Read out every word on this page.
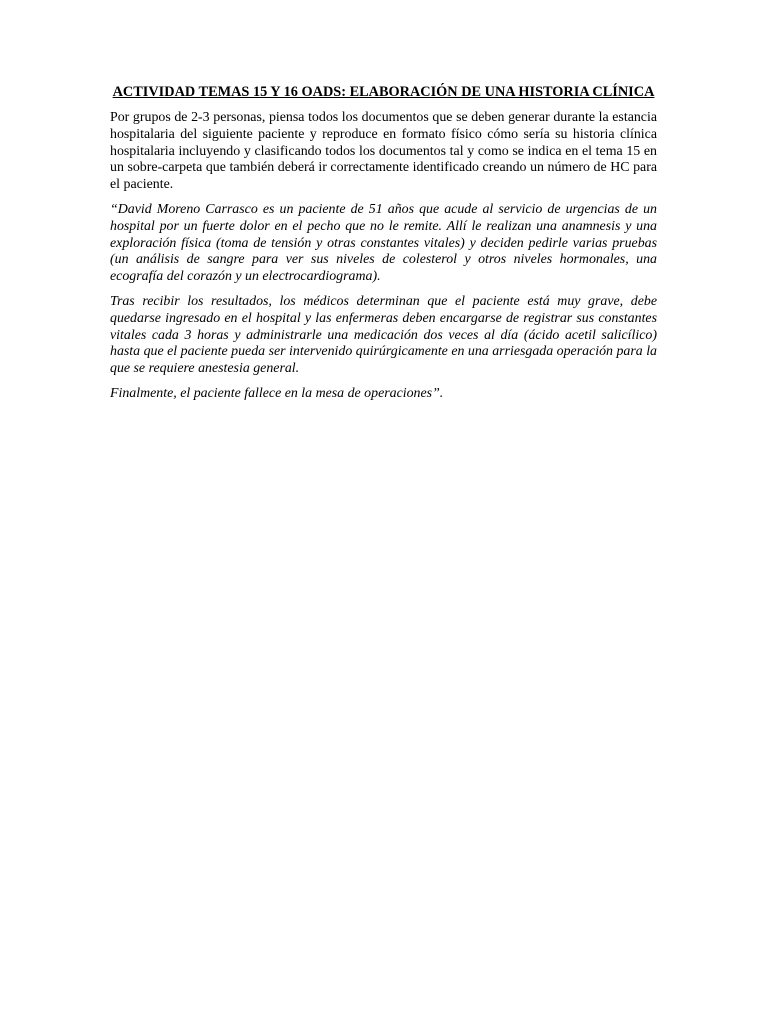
ACTIVIDAD TEMAS 15 Y 16 OADS: ELABORACIÓN DE UNA HISTORIA CLÍNICA

Por grupos de 2-3 personas, piensa todos los documentos que se deben generar durante la estancia hospitalaria del siguiente paciente y reproduce en formato físico cómo sería su historia clínica hospitalaria incluyendo y clasificando todos los documentos tal y como se indica en el tema 15 en un sobre-carpeta que también deberá ir correctamente identificado creando un número de HC para el paciente.

“David Moreno Carrasco es un paciente de 51 años que acude al servicio de urgencias de un hospital por un fuerte dolor en el pecho que no le remite. Allí le realizan una anamnesis y una exploración física (toma de tensión y otras constantes vitales) y deciden pedirle varias pruebas (un análisis de sangre para ver sus niveles de colesterol y otros niveles hormonales, una ecografía del corazón y un electrocardiograma).

Tras recibir los resultados, los médicos determinan que el paciente está muy grave, debe quedarse ingresado en el hospital y las enfermeras deben encargarse de registrar sus constantes vitales cada 3 horas y administrarle una medicación dos veces al día (ácido acetil salicílico) hasta que el paciente pueda ser intervenido quirúrgicamente en una arriesgada operación para la que se requiere anestesia general.

Finalmente, el paciente fallece en la mesa de operaciones”.
